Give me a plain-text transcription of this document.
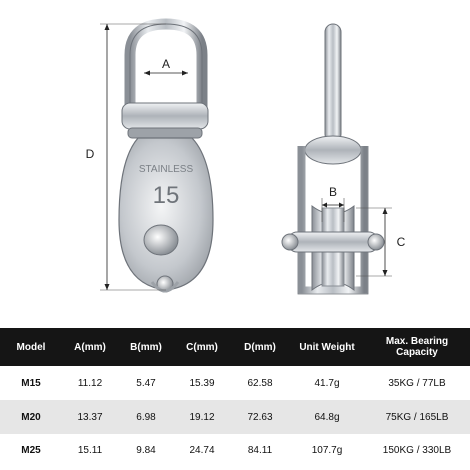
STAINLESS
15
A
D
B
C
Model	A(mm)	B(mm)	C(mm)	D(mm)	Unit Weight	Max. Bearing Capacity
M15	11.12	5.47	15.39	62.58	41.7g	35KG / 77LB
M20	13.37	6.98	19.12	72.63	64.8g	75KG / 165LB
M25	15.11	9.84	24.74	84.11	107.7g	150KG / 330LB
